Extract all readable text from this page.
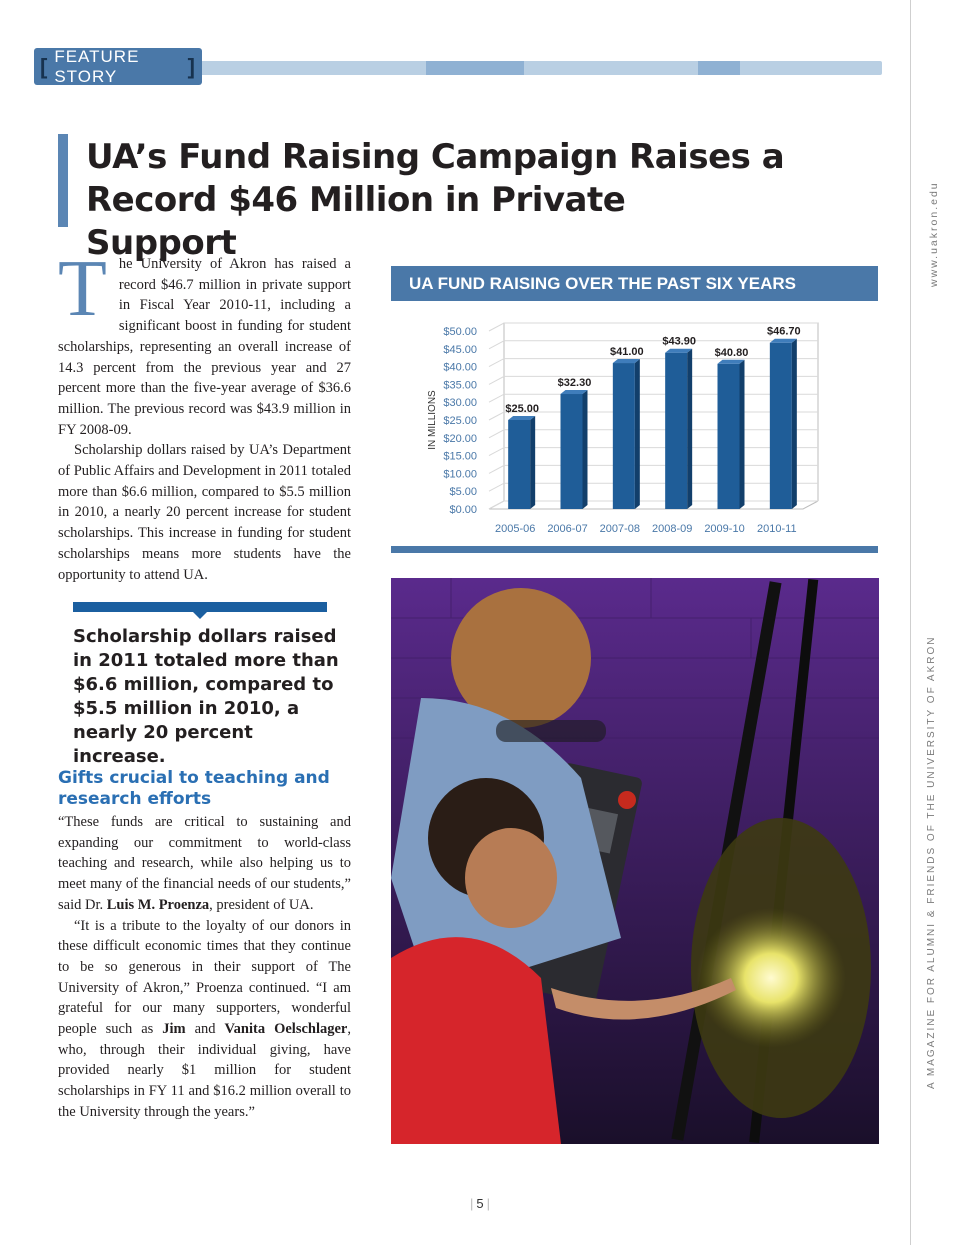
[ FEATURE STORY	]
www.uakron.edu
A MAGAZINE FOR ALUMNI & FRIENDS OF THE UNIVERSITY OF AKRON
UA’s Fund Raising Campaign Raises a Record $46 Million in Private Support

The University of Akron has raised a record $46.7 million in private support in Fiscal Year 2010-11, including a significant boost in funding for student scholarships, representing an overall increase of 14.3 percent from the previous year and 27 percent more than the five-year average of $36.6 million. The previous record was $43.9 million in FY 2008-09.

Scholarship dollars raised by UA’s Department of Public Affairs and Development in 2011 totaled more than $6.6 million, compared to $5.5 million in 2010, a nearly 20 percent increase for student scholarships. This increase in funding for student scholarships means more students have the opportunity to attend UA.

Scholarship dollars raised in 2011 totaled more than $6.6 million, compared to $5.5 million in 2010, a nearly 20 percent increase.

Gifts crucial to teaching and research efforts

“These funds are critical to sustaining and expanding our commitment to world-class teaching and research, while also helping us to meet many of the financial needs of our students,” said Dr. Luis M. Proenza, president of UA.

“It is a tribute to the loyalty of our donors in these difficult economic times that they continue to be so generous in their support of The University of Akron,” Proenza continued. “I am grateful for our many supporters, wonderful people such as Jim and Vanita Oelschlager, who, through their individual giving, have provided nearly $1 million for student scholarships in FY 11 and $16.2 million overall to the University through the years.”

UA FUND RAISING OVER THE PAST SIX YEARS
$0.00
$5.00
$10.00
$15.00
$20.00
$25.00
$30.00
$35.00
$40.00
$45.00
$50.00
IN MILLIONS	$25.00
2005-06
$32.30
2006-07
$41.00
2007-08
$43.90
2008-09
$40.80
2009-10
$46.70
2010-11
| 5 |
